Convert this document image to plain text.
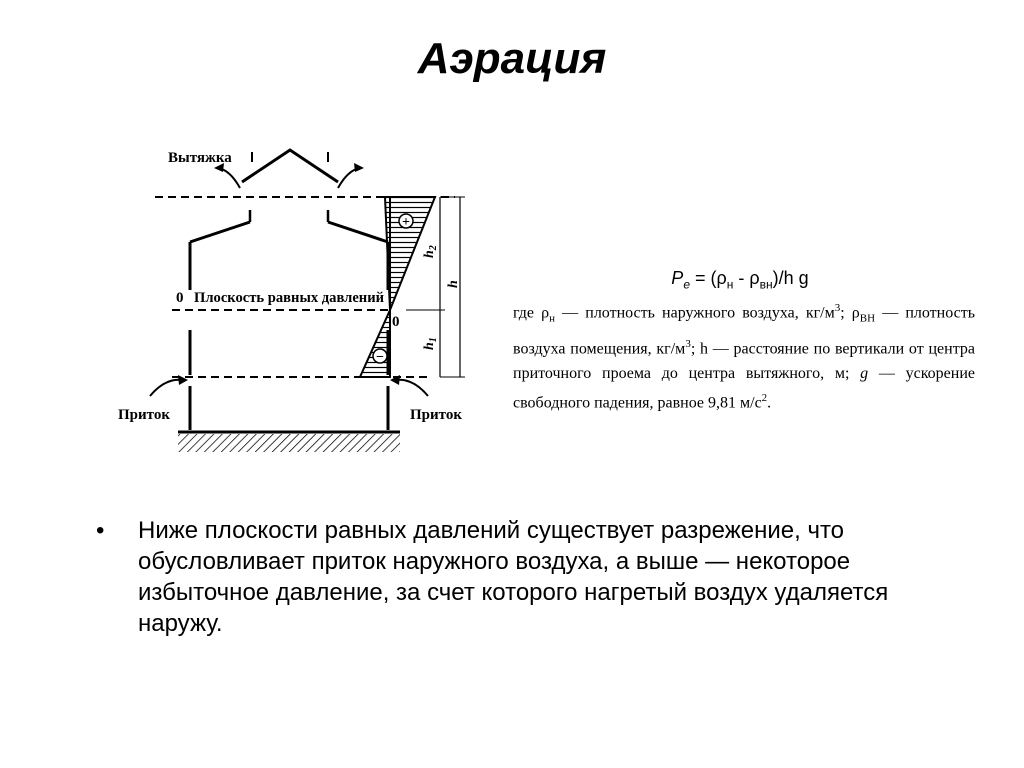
Аэрация
+
−
$h_2$
h
$h_1$
Вытяжка
0 Плоскость равных давлений
0
Приток	Приток
$P_e = (\rho_н - \rho_{вн})/h$ g
где $\rho_н$ — плотность наружного воздуха, $кг/м^3$; $\rho_{ВН}$ — плотность воздуха помещения, $кг/м^3$; h — расстояние по вертикали от центра приточного проема до центра вытяжного, м; g — ускорение свободного падения, равное 9,81 $м/с^2$.
•	Ниже плоскости равных давлений существует разрежение, что обусловливает приток наружного воздуха, а выше — некоторое избыточное давление, за счет которого нагретый воздух удаляется наружу.
